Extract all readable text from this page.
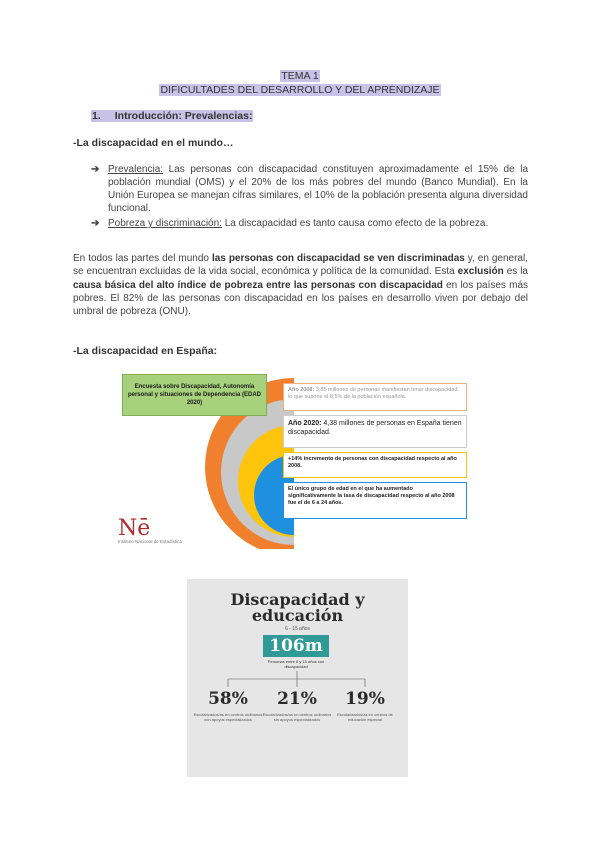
TEMA 1
DIFICULTADES DEL DESARROLLO Y DEL APRENDIZAJE
1. Introducción: Prevalencias:
-La discapacidad en el mundo…
➔ Prevalencia: Las personas con discapacidad constituyen aproximadamente el 15% de la población mundial (OMS) y el 20% de los más pobres del mundo (Banco Mundial). En la Unión Europea se manejan cifras similares, el 10% de la población presenta alguna diversidad funcional.
➔ Pobreza y discriminación: La discapacidad es tanto causa como efecto de la pobreza.
En todos las partes del mundo las personas con discapacidad se ven discriminadas y, en general, se encuentran excluidas de la vida social, económica y política de la comunidad. Esta exclusión es la causa básica del alto índice de pobreza entre las personas con discapacidad en los países más pobres. El 82% de las personas con discapacidad en los países en desarrollo viven por debajo del umbral de pobreza (ONU).
-La discapacidad en España:
Encuesta sobre Discapacidad, Autonomía personal y situaciones de Dependencia (EDAD 2020)
Año 2008: 3,85 millones de personas manifiestan tener discapacidad lo que supone el 8,5% de la población española.
Año 2020: 4,38 millones de personas en España tienen discapacidad.
+14% incremento de personas con discapacidad respecto al año 2008.
El único grupo de edad en el que ha aumentado significativamente la tasa de discapacidad respecto al año 2008 fue el de 6 a 24 años.
Nē
Instituto Nacional de Estadística
Discapacidad y
educación
6 - 15 años
106m
Personas entre 6 y 15 años con discapacidad
58%	21%	19%
Escolarizados/as en centros ordinarios con apoyos especializados
Escolarizados/as en centros ordinarios sin apoyos especializados
Escolarizados/as en centros de educación especial
